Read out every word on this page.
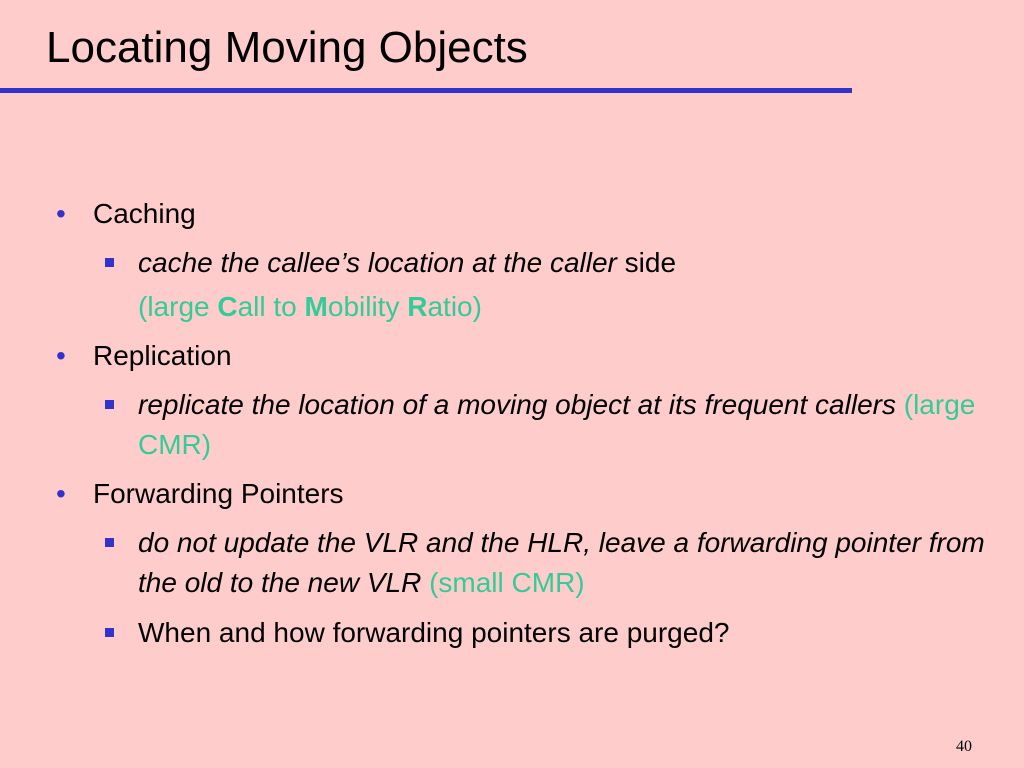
Locating Moving Objects
• Caching
cache the callee’s location at the caller side
(large Call to Mobility Ratio)
• Replication
replicate the location of a moving object at its frequent callers (large CMR)
• Forwarding Pointers
do not update the VLR and the HLR, leave a forwarding pointer from the old to the new VLR (small CMR)
When and how forwarding pointers are purged?
40
